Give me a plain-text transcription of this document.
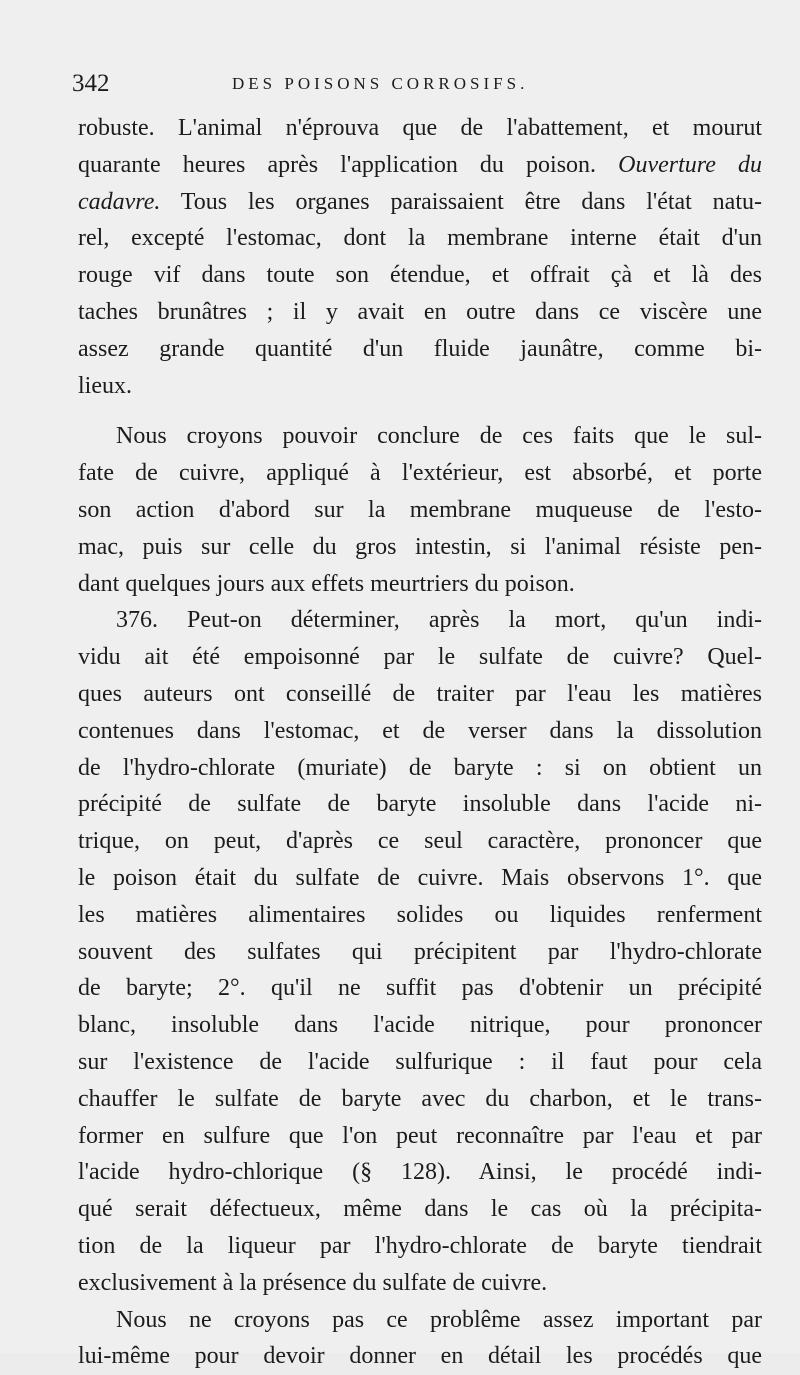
342	DES POISONS CORROSIFS.
robuste. L'animal n'éprouva que de l'abattement, et mourut
quarante heures après l'application du poison. Ouverture du
cadavre. Tous les organes paraissaient être dans l'état natu-
rel, excepté l'estomac, dont la membrane interne était d'un
rouge vif dans toute son étendue, et offrait çà et là des
taches brunâtres ; il y avait en outre dans ce viscère une
assez grande quantité d'un fluide jaunâtre, comme bi-
lieux.
Nous croyons pouvoir conclure de ces faits que le sul-
fate de cuivre, appliqué à l'extérieur, est absorbé, et porte
son action d'abord sur la membrane muqueuse de l'esto-
mac, puis sur celle du gros intestin, si l'animal résiste pen-
dant quelques jours aux effets meurtriers du poison.
376. Peut-on déterminer, après la mort, qu'un indi-
vidu ait été empoisonné par le sulfate de cuivre? Quel-
ques auteurs ont conseillé de traiter par l'eau les matières
contenues dans l'estomac, et de verser dans la dissolution
de l'hydro-chlorate (muriate) de baryte : si on obtient un
précipité de sulfate de baryte insoluble dans l'acide ni-
trique, on peut, d'après ce seul caractère, prononcer que
le poison était du sulfate de cuivre. Mais observons 1°. que
les matières alimentaires solides ou liquides renferment
souvent des sulfates qui précipitent par l'hydro-chlorate
de baryte; 2°. qu'il ne suffit pas d'obtenir un précipité
blanc, insoluble dans l'acide nitrique, pour prononcer
sur l'existence de l'acide sulfurique : il faut pour cela
chauffer le sulfate de baryte avec du charbon, et le trans-
former en sulfure que l'on peut reconnaître par l'eau et par
l'acide hydro-chlorique (§ 128). Ainsi, le procédé indi-
qué serait défectueux, même dans le cas où la précipita-
tion de la liqueur par l'hydro-chlorate de baryte tiendrait
exclusivement à la présence du sulfate de cuivre.
Nous ne croyons pas ce problême assez important par
lui-même pour devoir donner en détail les procédés que
